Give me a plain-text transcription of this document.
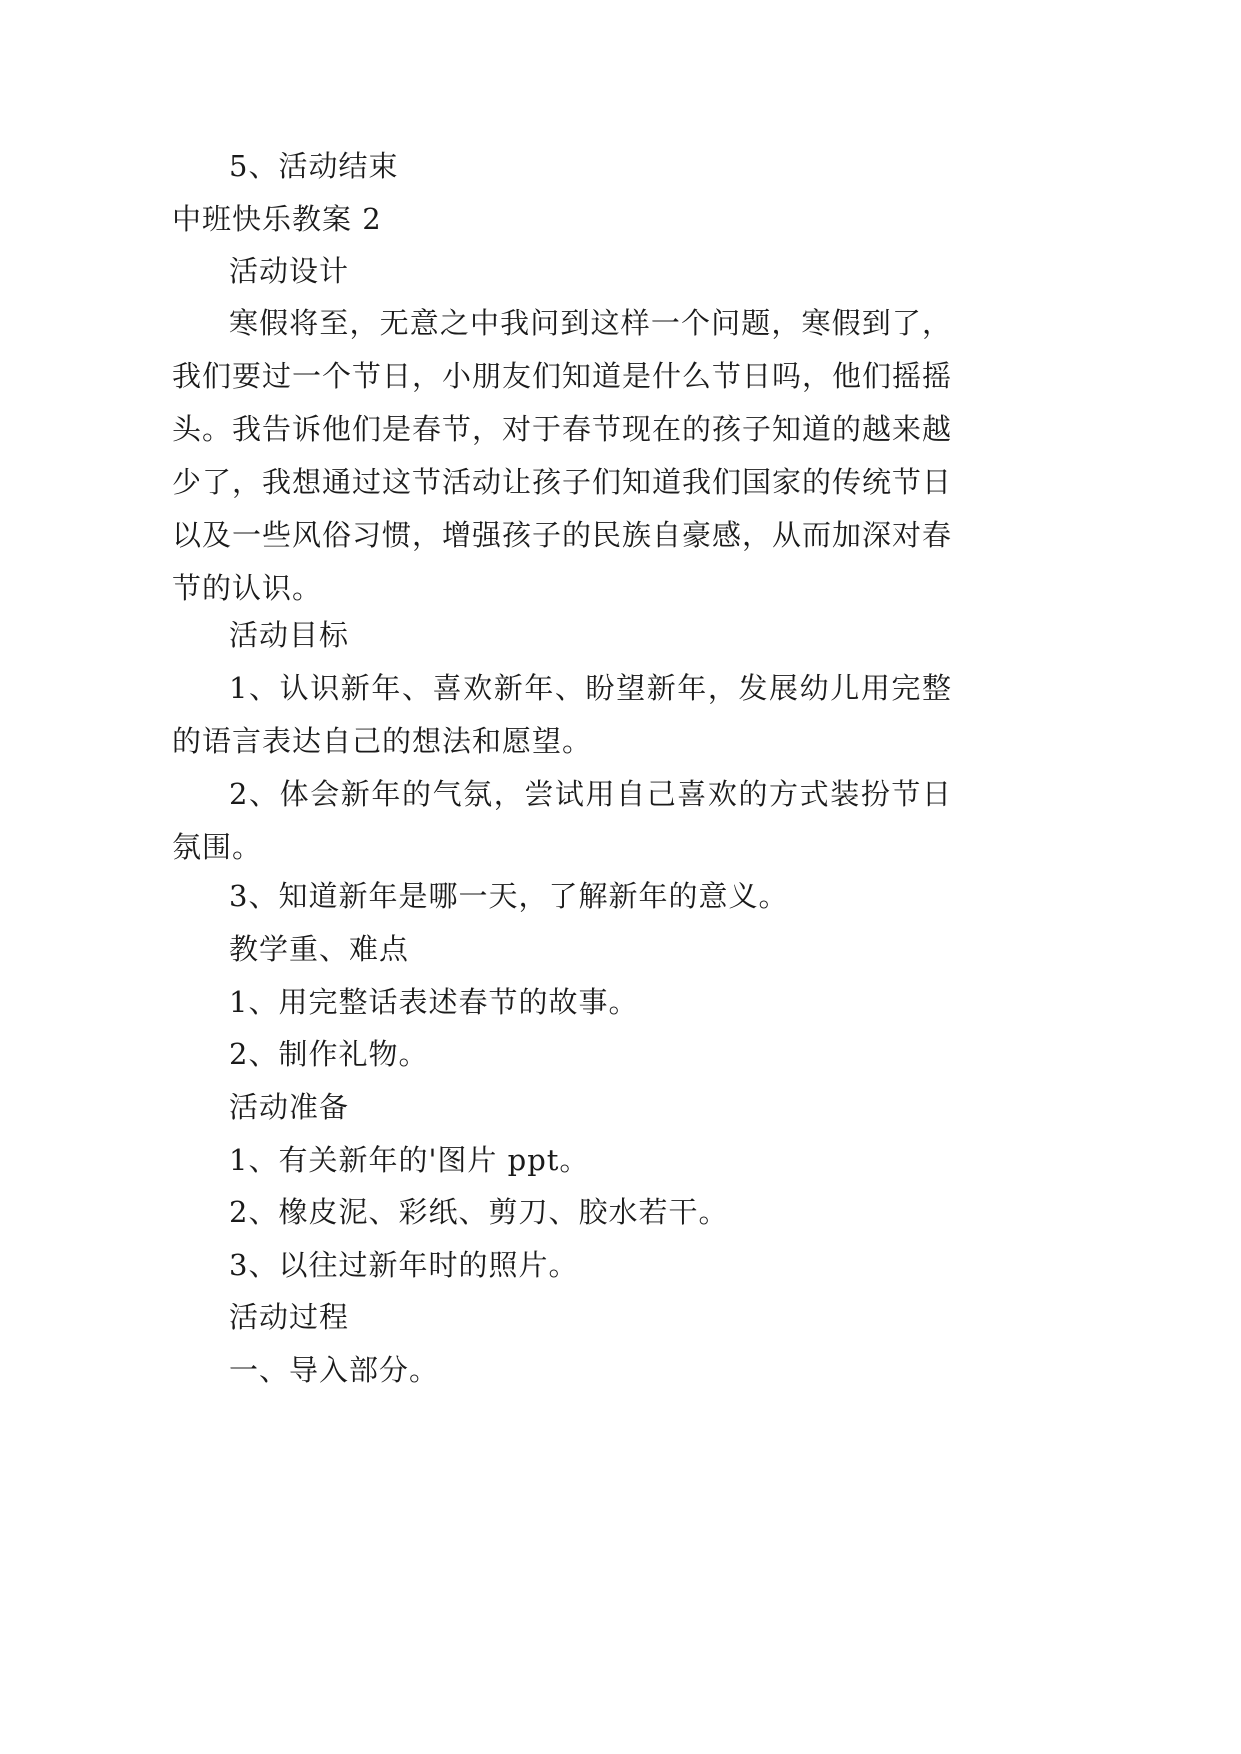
5、活动结束
中班快乐教案 2
活动设计
寒假将至，无意之中我问到这样一个问题，寒假到了，我们要过一个节日，小朋友们知道是什么节日吗，他们摇摇头。我告诉他们是春节，对于春节现在的孩子知道的越来越少了，我想通过这节活动让孩子们知道我们国家的传统节日以及一些风俗习惯，增强孩子的民族自豪感，从而加深对春节的认识。
活动目标
1、认识新年、喜欢新年、盼望新年，发展幼儿用完整的语言表达自己的想法和愿望。
2、体会新年的气氛，尝试用自己喜欢的方式装扮节日氛围。
3、知道新年是哪一天，了解新年的意义。
教学重、难点
1、用完整话表述春节的故事。
2、制作礼物。
活动准备
1、有关新年的'图片 ppt。
2、橡皮泥、彩纸、剪刀、胶水若干。
3、以往过新年时的照片。
活动过程
一、导入部分。
